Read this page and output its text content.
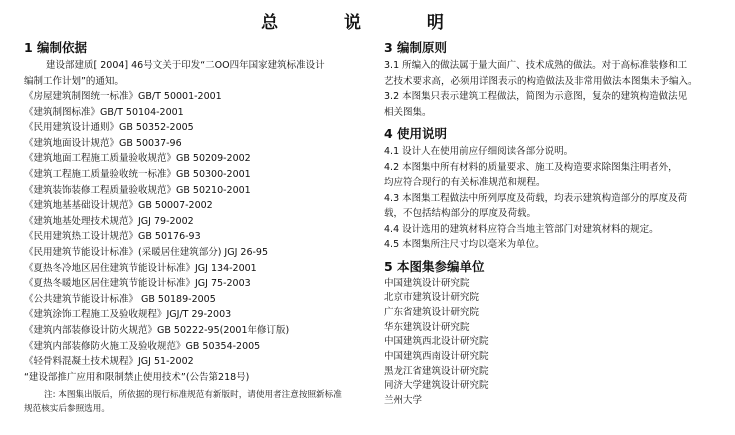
总 说 明
1 编制依据
建设部建质[ 2004] 46号文关于印发“二OO四年国家建筑标准设计
编制工作计划”的通知。
《房屋建筑制图统一标准》GB/T 50001-2001
《建筑制图标准》GB/T 50104-2001
《民用建筑设计通则》GB 50352-2005
《建筑地面设计规范》GB 50037-96
《建筑地面工程施工质量验收规范》GB 50209-2002
《建筑工程施工质量验收统一标准》GB 50300-2001
《建筑装饰装修工程质量验收规范》GB 50210-2001
《建筑地基基础设计规范》GB 50007-2002
《建筑地基处理技术规范》JGJ 79-2002
《民用建筑热工设计规范》GB 50176-93
《民用建筑节能设计标准》(采暖居住建筑部分) JGJ 26-95
《夏热冬冷地区居住建筑节能设计标准》JGJ 134-2001
《夏热冬暖地区居住建筑节能设计标准》JGJ 75-2003
《公共建筑节能设计标准》 GB 50189-2005
《建筑涂饰工程施工及验收规程》JGJ/T 29-2003
《建筑内部装修设计防火规范》GB 50222-95(2001年修订版)
《建筑内部装修防火施工及验收规范》GB 50354-2005
《轻骨料混凝土技术规程》JGJ 51-2002
“建设部推广应用和限制禁止使用技术”(公告第218号)
注: 本图集出版后，所依据的现行标准规范有新版时，请使用者注意按照新标准
规范核实后参照选用。
3 编制原则
3.1 所编入的做法属于量大面广、技术成熟的做法。对于高标准装修和工
艺技术要求高，必须用详图表示的构造做法及非常用做法本图集未予编入。
3.2 本图集只表示建筑工程做法，简图为示意图，复杂的建筑构造做法见
相关图集。
4 使用说明
4.1 设计人在使用前应仔细阅读各部分说明。
4.2 本图集中所有材料的质量要求、施工及构造要求除图集注明者外，
均应符合现行的有关标准规范和规程。
4.3 本图集工程做法中所列厚度及荷载，均表示建筑构造部分的厚度及荷
载，不包括结构部分的厚度及荷载。
4.4 设计选用的建筑材料应符合当地主管部门对建筑材料的规定。
4.5 本图集所注尺寸均以毫米为单位。
5 本图集参编单位
中国建筑设计研究院
北京市建筑设计研究院
广东省建筑设计研究院
华东建筑设计研究院
中国建筑西北设计研究院
中国建筑西南设计研究院
黑龙江省建筑设计研究院
同济大学建筑设计研究院
兰州大学
